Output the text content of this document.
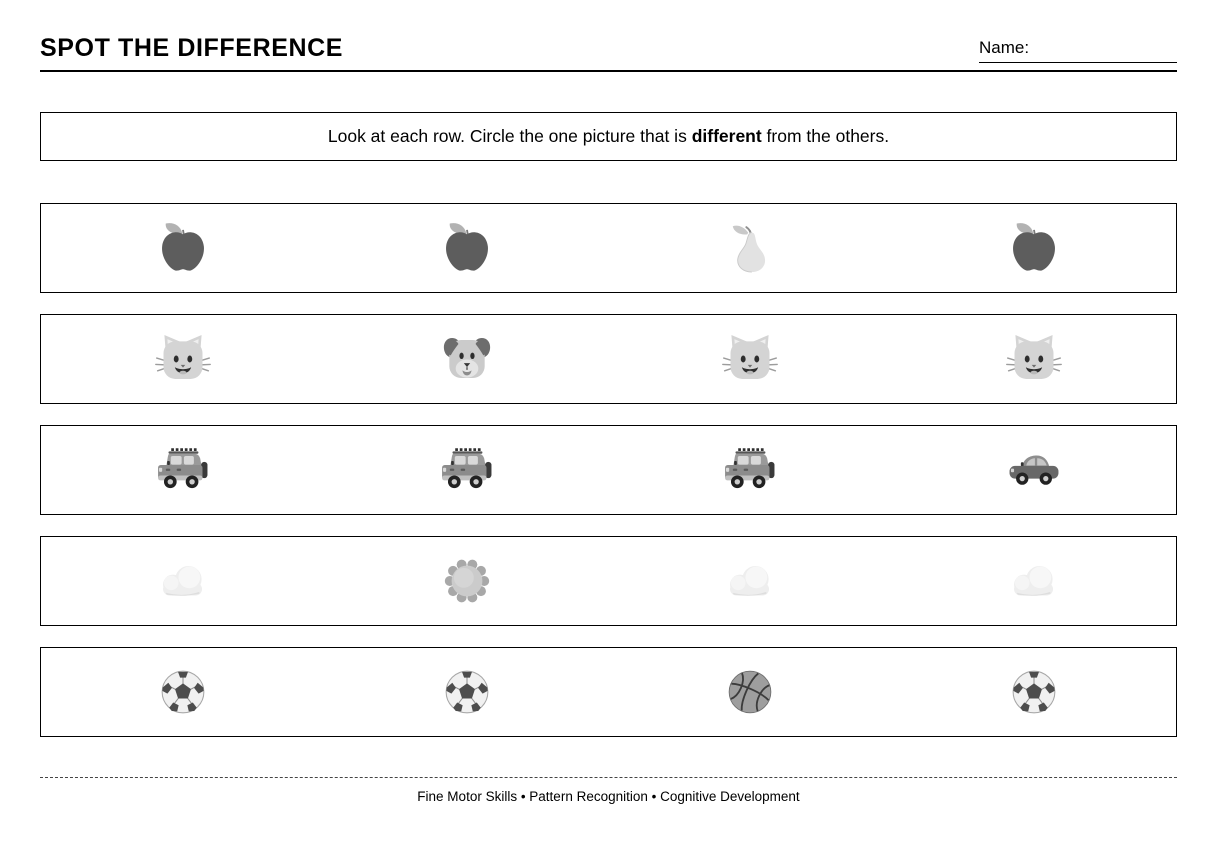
SPOT THE DIFFERENCE	Name:
Look at each row. Circle the one picture that is different from the others.
Fine Motor Skills • Pattern Recognition • Cognitive Development
